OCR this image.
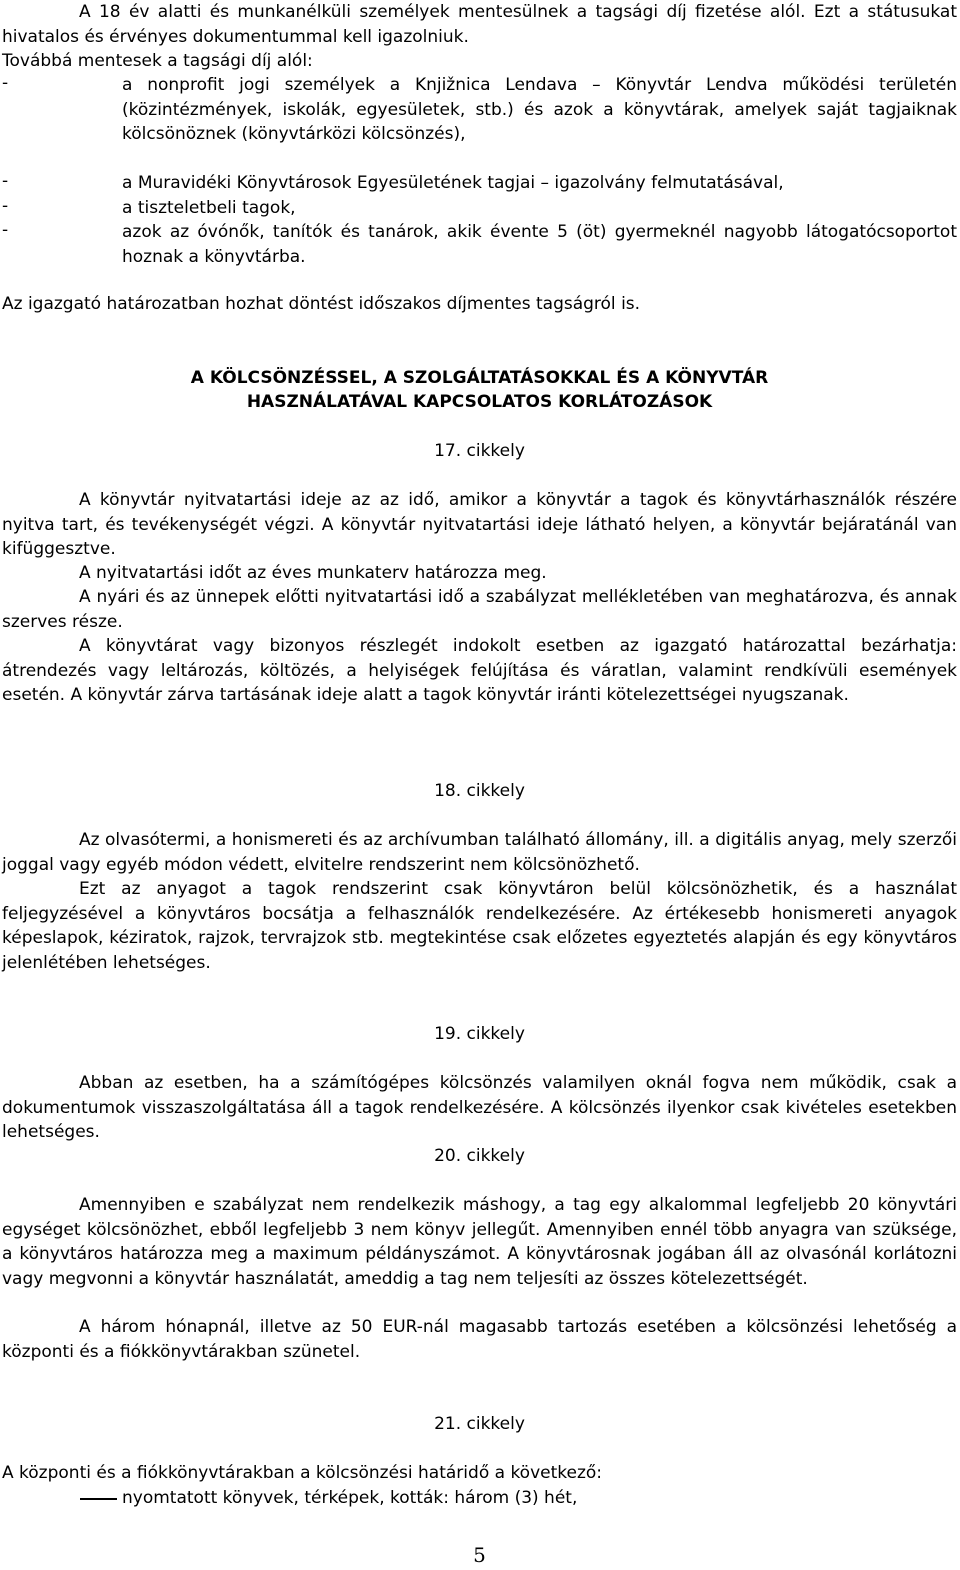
A 18 év alatti és munkanélküli személyek mentesülnek a tagsági díj fizetése alól. Ezt a státusukat hivatalos és érvényes dokumentummal kell igazolniuk.
Továbbá mentesek a tagsági díj alól:
-	a nonprofit jogi személyek a Knjižnica Lendava – Könyvtár Lendva működési területén (közintézmények, iskolák, egyesületek, stb.) és azok a könyvtárak, amelyek saját tagjaiknak kölcsönöznek (könyvtárközi kölcsönzés),
-	a Muravidéki Könyvtárosok Egyesületének tagjai – igazolvány felmutatásával,
-	a tiszteletbeli tagok,
-	azok az óvónők, tanítók és tanárok, akik évente 5 (öt) gyermeknél nagyobb látogatócsoportot hoznak a könyvtárba.
Az igazgató határozatban hozhat döntést időszakos díjmentes tagságról is.
A KÖLCSÖNZÉSSEL, A SZOLGÁLTATÁSOKKAL ÉS A KÖNYVTÁR
HASZNÁLATÁVAL KAPCSOLATOS KORLÁTOZÁSOK
17. cikkely
A könyvtár nyitvatartási ideje az az idő, amikor a könyvtár a tagok és könyvtárhasználók részére nyitva tart, és tevékenységét végzi. A könyvtár nyitvatartási ideje látható helyen, a könyvtár bejáratánál van kifüggesztve.
A nyitvatartási időt az éves munkaterv határozza meg.
A nyári és az ünnepek előtti nyitvatartási idő a szabályzat mellékletében van meghatározva, és annak szerves része.
A könyvtárat vagy bizonyos részlegét indokolt esetben az igazgató határozattal bezárhatja: átrendezés vagy leltározás, költözés, a helyiségek felújítása és váratlan, valamint rendkívüli események esetén. A könyvtár zárva tartásának ideje alatt a tagok könyvtár iránti kötelezettségei nyugszanak.
18. cikkely
Az olvasótermi, a honismereti és az archívumban található állomány, ill. a digitális anyag, mely szerzői joggal vagy egyéb módon védett, elvitelre rendszerint nem kölcsönözhető.
Ezt az anyagot a tagok rendszerint csak könyvtáron belül kölcsönözhetik, és a használat feljegyzésével a könyvtáros bocsátja a felhasználók rendelkezésére. Az értékesebb honismereti anyagok képeslapok, kéziratok, rajzok, tervrajzok stb. megtekintése csak előzetes egyeztetés alapján és egy könyvtáros jelenlétében lehetséges.
19. cikkely
Abban az esetben, ha a számítógépes kölcsönzés valamilyen oknál fogva nem működik, csak a dokumentumok visszaszolgáltatása áll a tagok rendelkezésére. A kölcsönzés ilyenkor csak kivételes esetekben lehetséges.
20. cikkely
Amennyiben e szabályzat nem rendelkezik máshogy, a tag egy alkalommal legfeljebb 20 könyvtári egységet kölcsönözhet, ebből legfeljebb 3 nem könyv jellegűt. Amennyiben ennél több anyagra van szüksége, a könyvtáros határozza meg a maximum példányszámot. A könyvtárosnak jogában áll az olvasónál korlátozni vagy megvonni a könyvtár használatát, ameddig a tag nem teljesíti az összes kötelezettségét.
A három hónapnál, illetve az 50 EUR-nál magasabb tartozás esetében a kölcsönzési lehetőség a központi és a fiókkönyvtárakban szünetel.
21. cikkely
A központi és a fiókkönyvtárakban a kölcsönzési határidő a következő:
nyomtatott könyvek, térképek, kották: három (3) hét,
5
